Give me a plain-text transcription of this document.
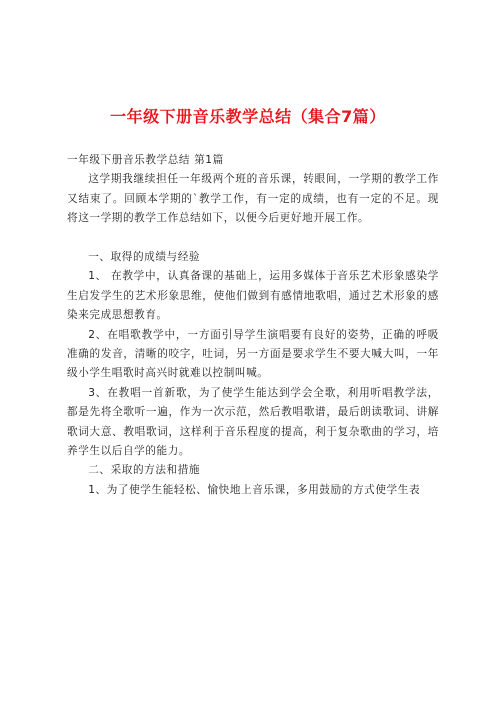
一年级下册音乐教学总结（集合7篇）

一年级下册音乐教学总结 第1篇

这学期我继续担任一年级两个班的音乐课，转眼间，一学期的教学工作又结束了。回顾本学期的`教学工作，有一定的成绩，也有一定的不足。现将这一学期的教学工作总结如下，以便今后更好地开展工作。

一、取得的成绩与经验

1、 在教学中，认真备课的基础上，运用多媒体于音乐艺术形象感染学生启发学生的艺术形象思维，使他们做到有感情地歌唱，通过艺术形象的感染来完成思想教育。

2、在唱歌教学中，一方面引导学生演唱要有良好的姿势，正确的呼吸准确的发音，清晰的咬字，吐词，另一方面是要求学生不要大喊大叫，一年级小学生唱歌时高兴时就难以控制叫喊。

3、在教唱一首新歌，为了使学生能达到学会全歌，利用听唱教学法，都是先将全歌听一遍，作为一次示范，然后教唱歌谱，最后朗读歌词、讲解歌词大意、教唱歌词，这样利于音乐程度的提高，利于复杂歌曲的学习，培养学生以后自学的能力。

二、采取的方法和措施

1、为了使学生能轻松、愉快地上音乐课，多用鼓励的方式使学生表
